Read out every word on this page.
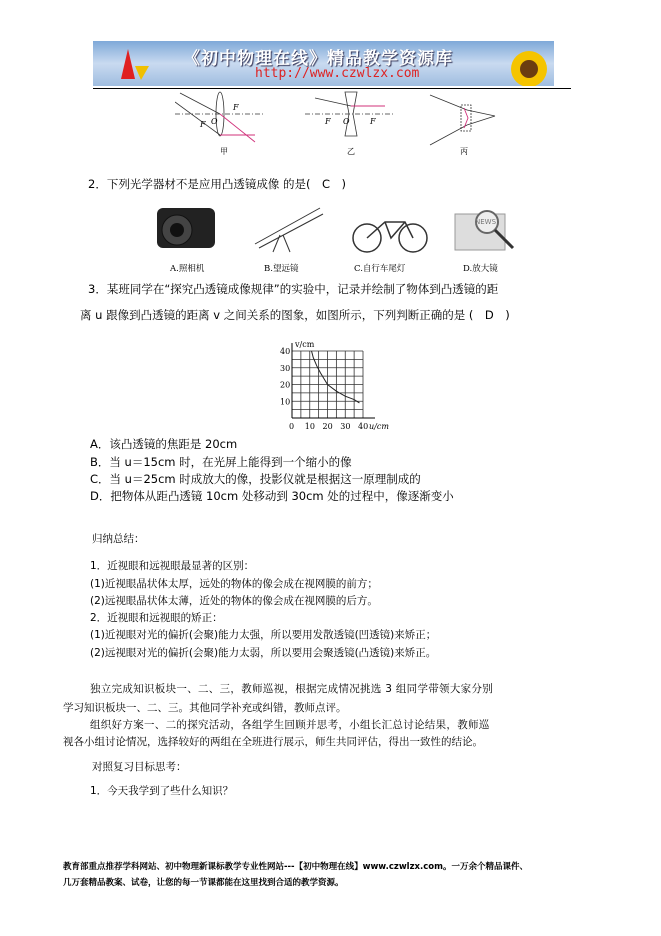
《初中物理在线》精品教学资源库
http://www.czwlzx.com
F
F
O	F O	F
甲	乙	丙
2．下列光学器材不是应用凸透镜成像 的是(　C　)
NEWS
A.照相机	B.望远镜	C.自行车尾灯	D.放大镜
3．某班同学在“探究凸透镜成像规律”的实验中，记录并绘制了物体到凸透镜的距
离 u 跟像到凸透镜的距离 v 之间关系的图象，如图所示，下列判断正确的是 (　D　)
0 10 20 30 40
10
20
30
40
u/cm
v/cm
A．该凸透镜的焦距是 20cm
B．当 u＝15cm 时，在光屏上能得到一个缩小的像
C．当 u＝25cm 时成放大的像，投影仪就是根据这一原理制成的
D．把物体从距凸透镜 10cm 处移动到 30cm 处的过程中，像逐渐变小
归纳总结：
1．近视眼和远视眼最显著的区别：
(1)近视眼晶状体太厚，远处的物体的像会成在视网膜的前方；
(2)远视眼晶状体太薄，近处的物体的像会成在视网膜的后方。
2．近视眼和远视眼的矫正：
(1)近视眼对光的偏折(会聚)能力太强，所以要用发散透镜(凹透镜)来矫正；
(2)远视眼对光的偏折(会聚)能力太弱，所以要用会聚透镜(凸透镜)来矫正。
独立完成知识板块一、二、三，教师巡视，根据完成情况挑选 3 组同学带领大家分别
学习知识板块一、二、三。其他同学补充或纠错，教师点评。
组织好方案一、二的探究活动，各组学生回顾并思考，小组长汇总讨论结果，教师巡
视各小组讨论情况，选择较好的两组在全班进行展示，师生共同评估，得出一致性的结论。
对照复习目标思考：
1．今天我学到了些什么知识？
教育部重点推荐学科网站、初中物理新课标教学专业性网站---【初中物理在线】www.czwlzx.com。一万余个精品课件、
几万套精品教案、试卷，让您的每一节课都能在这里找到合适的教学资源。
